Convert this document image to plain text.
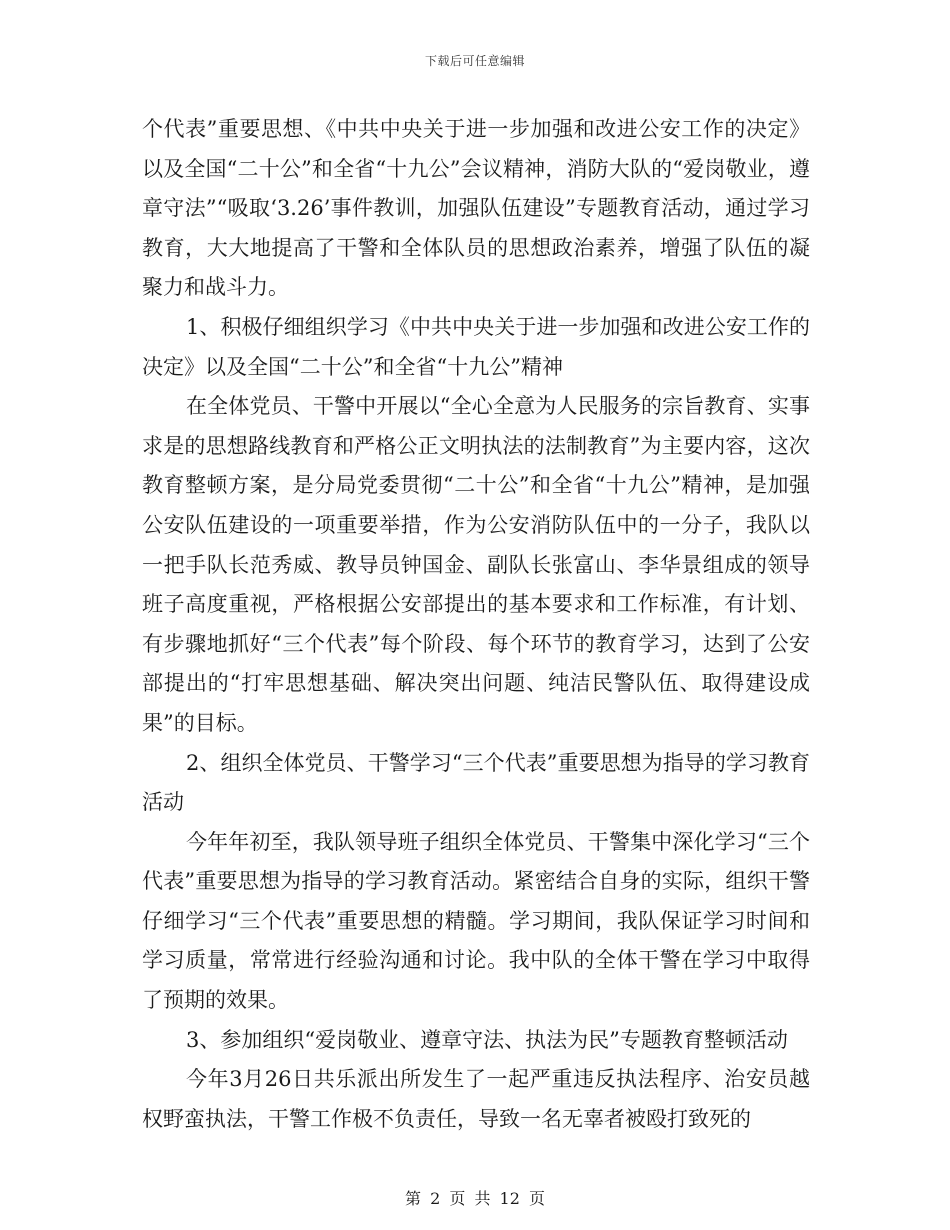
下载后可任意编辑

个代表”重要思想、《中共中央关于进一步加强和改进公安工作的决定》以及全国“二十公”和全省“十九公”会议精神，消防大队的“爱岗敬业，遵章守法”“吸取‘3.26’事件教训，加强队伍建设”专题教育活动，通过学习教育，大大地提高了干警和全体队员的思想政治素养，增强了队伍的凝聚力和战斗力。

1、积极仔细组织学习《中共中央关于进一步加强和改进公安工作的决定》以及全国“二十公”和全省“十九公”精神

在全体党员、干警中开展以“全心全意为人民服务的宗旨教育、实事求是的思想路线教育和严格公正文明执法的法制教育”为主要内容，这次教育整顿方案，是分局党委贯彻“二十公”和全省“十九公”精神，是加强公安队伍建设的一项重要举措，作为公安消防队伍中的一分子，我队以一把手队长范秀威、教导员钟国金、副队长张富山、李华景组成的领导班子高度重视，严格根据公安部提出的基本要求和工作标准，有计划、有步骤地抓好“三个代表”每个阶段、每个环节的教育学习，达到了公安部提出的“打牢思想基础、解决突出问题、纯洁民警队伍、取得建设成果”的目标。

2、组织全体党员、干警学习“三个代表”重要思想为指导的学习教育活动

今年年初至，我队领导班子组织全体党员、干警集中深化学习“三个代表”重要思想为指导的学习教育活动。紧密结合自身的实际，组织干警仔细学习“三个代表”重要思想的精髓。学习期间，我队保证学习时间和学习质量，常常进行经验沟通和讨论。我中队的全体干警在学习中取得了预期的效果。

3、参加组织“爱岗敬业、遵章守法、执法为民”专题教育整顿活动

今年3月26日共乐派出所发生了一起严重违反执法程序、治安员越权野蛮执法，干警工作极不负责任，导致一名无辜者被殴打致死的

第 2 页 共 12 页
